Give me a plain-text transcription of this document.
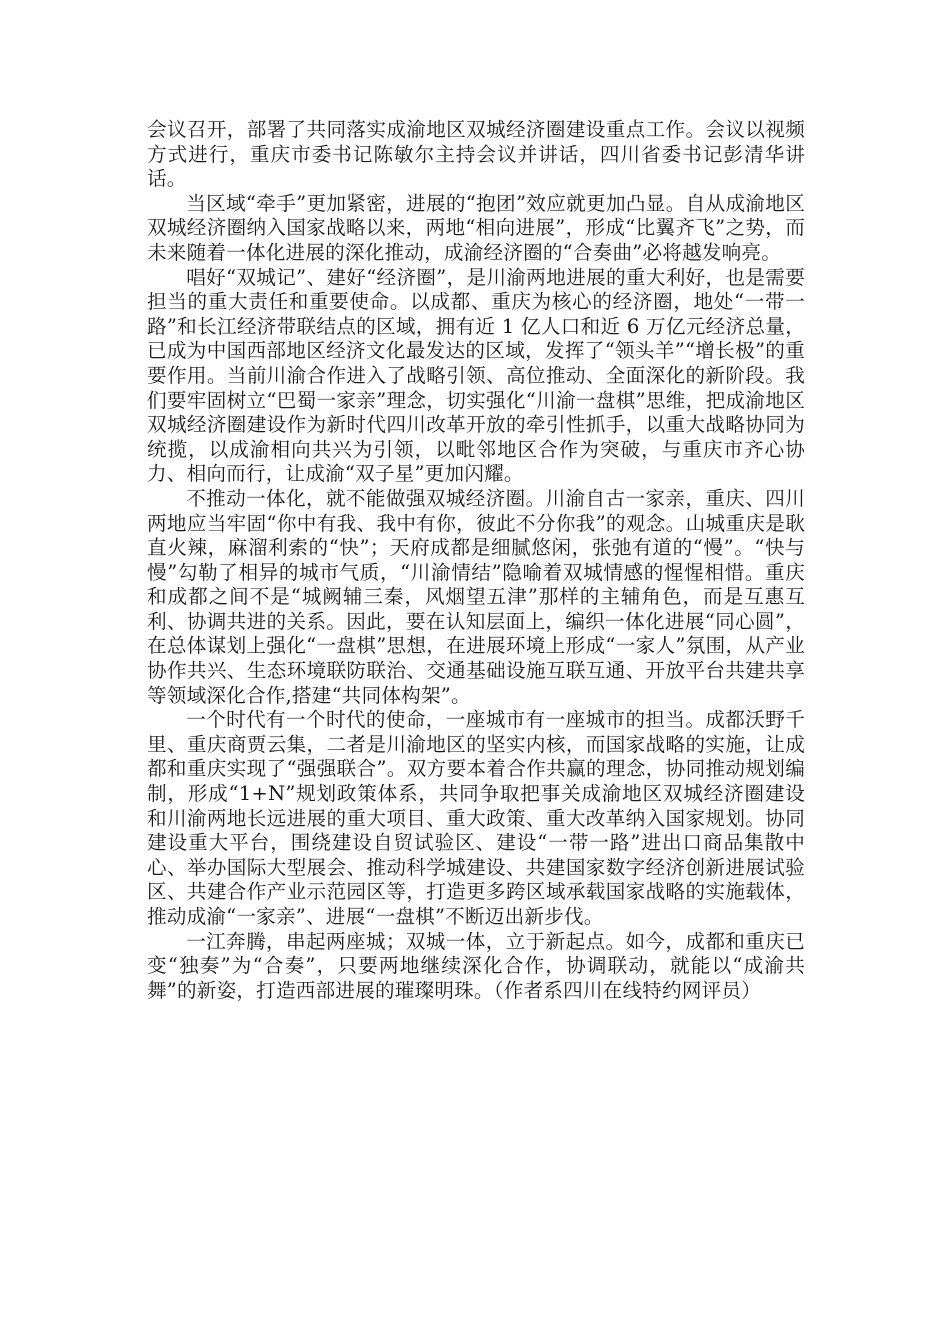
会议召开，部署了共同落实成渝地区双城经济圈建设重点工作。会议以视频方式进行，重庆市委书记陈敏尔主持会议并讲话，四川省委书记彭清华讲话。

当区域“牵手”更加紧密，进展的“抱团”效应就更加凸显。自从成渝地区双城经济圈纳入国家战略以来，两地“相向进展”，形成“比翼齐飞”之势，而未来随着一体化进展的深化推动，成渝经济圈的“合奏曲”必将越发响亮。

唱好“双城记”、建好“经济圈”，是川渝两地进展的重大利好，也是需要担当的重大责任和重要使命。以成都、重庆为核心的经济圈，地处“一带一路”和长江经济带联结点的区域，拥有近 1 亿人口和近 6 万亿元经济总量，已成为中国西部地区经济文化最发达的区域，发挥了“领头羊”“增长极”的重要作用。当前川渝合作进入了战略引领、高位推动、全面深化的新阶段。我们要牢固树立“巴蜀一家亲”理念，切实强化“川渝一盘棋”思维，把成渝地区双城经济圈建设作为新时代四川改革开放的牵引性抓手，以重大战略协同为统揽，以成渝相向共兴为引领，以毗邻地区合作为突破，与重庆市齐心协力、相向而行，让成渝“双子星”更加闪耀。

不推动一体化，就不能做强双城经济圈。川渝自古一家亲，重庆、四川两地应当牢固“你中有我、我中有你，彼此不分你我”的观念。山城重庆是耿直火辣，麻溜利索的“快”；天府成都是细腻悠闲，张弛有道的“慢”。“快与慢”勾勒了相异的城市气质，“川渝情结”隐喻着双城情感的惺惺相惜。重庆和成都之间不是“城阙辅三秦，风烟望五津”那样的主辅角色，而是互惠互利、协调共进的关系。因此，要在认知层面上，编织一体化进展“同心圆”，在总体谋划上强化“一盘棋”思想，在进展环境上形成“一家人”氛围，从产业协作共兴、生态环境联防联治、交通基础设施互联互通、开放平台共建共享等领域深化合作,搭建“共同体构架”。

一个时代有一个时代的使命，一座城市有一座城市的担当。成都沃野千里、重庆商贾云集，二者是川渝地区的坚实内核，而国家战略的实施，让成都和重庆实现了“强强联合”。双方要本着合作共赢的理念，协同推动规划编制，形成“1+N”规划政策体系，共同争取把事关成渝地区双城经济圈建设和川渝两地长远进展的重大项目、重大政策、重大改革纳入国家规划。协同建设重大平台，围绕建设自贸试验区、建设“一带一路”进出口商品集散中心、举办国际大型展会、推动科学城建设、共建国家数字经济创新进展试验区、共建合作产业示范园区等，打造更多跨区域承载国家战略的实施载体，推动成渝“一家亲”、进展“一盘棋”不断迈出新步伐。

一江奔腾，串起两座城；双城一体，立于新起点。如今，成都和重庆已变“独奏”为“合奏”，只要两地继续深化合作，协调联动，就能以“成渝共舞”的新姿，打造西部进展的璀璨明珠。（作者系四川在线特约网评员）
